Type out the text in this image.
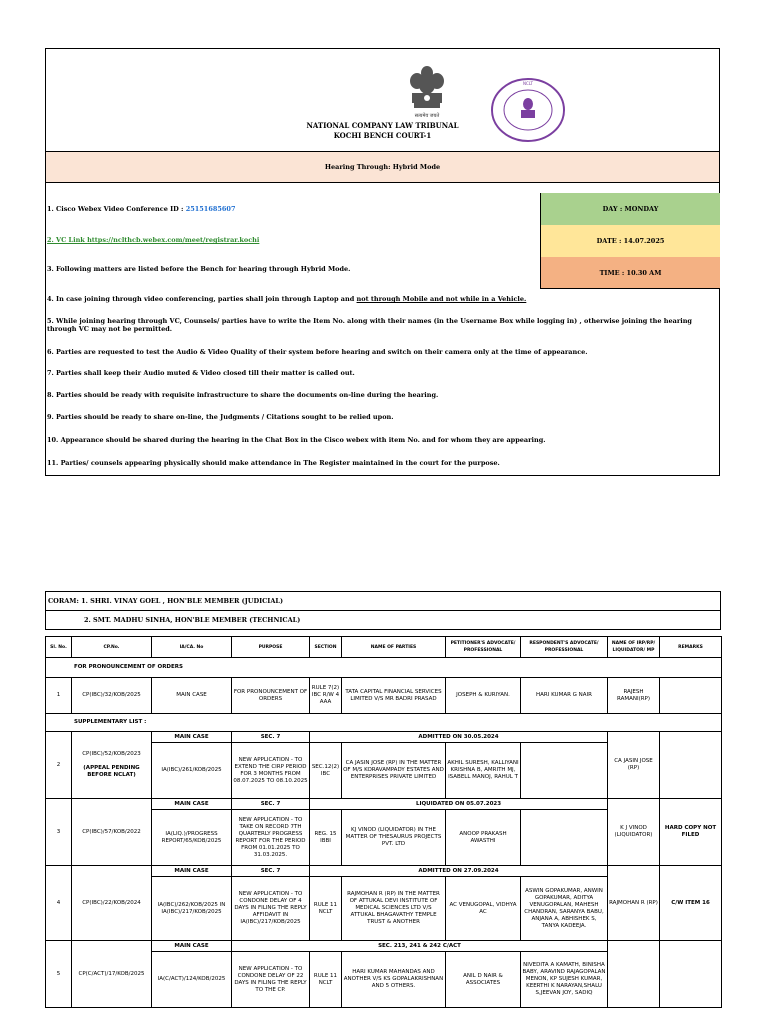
सत्यमेव जयते
NCLT
NATIONAL COMPANY LAW TRIBUNAL
KOCHI BENCH COURT-1
Hearing Through: Hybrid Mode
1. Cisco Webex Video Conference ID : 25151685607
2. VC Link https://nclthcb.webex.com/meet/registrar.kochi
3. Following matters are listed before the Bench for hearing through Hybrid Mode.
DAY : MONDAY
DATE : 14.07.2025
TIME : 10.30 AM
4. In case joining through video conferencing, parties shall join through Laptop and not through Mobile and not while in a Vehicle.
5. While joining hearing through VC, Counsels/ parties have to write the Item No. along with their names (in the Username Box while logging in) , otherwise joining the hearing through VC may not be permitted.
6. Parties are requested to test the Audio & Video Quality of their system before hearing and switch on their camera only at the time of appearance.
7. Parties shall keep their Audio muted & Video closed till their matter is called out.
8. Parties should be ready with requisite infrastructure to share the documents on-line during the hearing.
9. Parties should be ready to share on-line, the Judgments / Citations sought to be relied upon.
10. Appearance should be shared during the hearing in the Chat Box in the Cisco webex with item No. and for whom they are appearing.
11. Parties/ counsels appearing physically should make attendance in The Register maintained in the court for the purpose.
CORAM: 1. SHRI. VINAY GOEL , HON'BLE MEMBER (JUDICIAL)
2. SMT. MADHU SINHA, HON'BLE MEMBER (TECHNICAL)
Sl. No.	CP.No.	IA/CA. No	PURPOSE	SECTION	NAME OF PARTIES	PETITIONER'S ADVOCATE/ PROFESSIONAL	RESPONDENT'S ADVOCATE/ PROFESSIONAL	NAME OF IRP/RP/ LIQUIDATOR/ MP	REMARKS
FOR PRONOUNCEMENT OF ORDERS									
1	CP(IBC)/32/KOB/2025	MAIN CASE	FOR PRONOUNCEMENT OF ORDERS	RULE 7(2) IBC R/W 4 AAA	TATA CAPITAL FINANCIAL SERVICES LIMITED V/S MR BADRI PRASAD	JOSEPH & KURIYAN.	HARI KUMAR G NAIR	RAJESH RAMANI(RP)	
SUPPLEMENTARY LIST :									
2	CP(IBC)/52/KOB/2023

(APPEAL PENDING BEFORE NCLAT)	MAIN CASE	SEC. 7	ADMITTED ON 30.05.2024				CA JASIN JOSE (RP)	
		IA(IBC)/261/KOB/2025	NEW APPLICATION - TO EXTEND THE CIRP PERIOD FOR 3 MONTHS FROM 08.07.2025 TO 08.10.2025	SEC.12(2) IBC	CA JASIN JOSE (RP) IN THE MATTER OF M/S KORAVAMPADY ESTATES AND ENTERPRISES PRIVATE LIMITED	AKHIL SURESH, KALLIYANI KRISHNA B, AMRITH MJ, ISABELL MANOJ, RAHUL T			
3	CP(IBC)/57/KOB/2022	MAIN CASE	SEC. 7	LIQUIDATED ON 05.07.2023				K J VINOD (LIQUIDATOR)	HARD COPY NOT FILED
		IA(LIQ.)/PROGRESS REPORT/65/KOB/2025	NEW APPLICATION - TO TAKE ON RECORD 7TH QUARTERLY PROGRESS REPORT FOR THE PERIOD FROM 01.01.2025 TO 31.03.2025.	REG. 15 IBBI	KJ VINOD (LIQUIDATOR) IN THE MATTER OF THESAURUS PROJECTS PVT. LTD	ANOOP PRAKASH AWASTHI			
4	CP(IBC)/22/KOB/2024	MAIN CASE	SEC. 7	ADMITTED ON 27.09.2024				RAJMOHAN R (RP)	C/W ITEM 16
		IA(IBC)/262/KOB/2025 IN IA(IBC)/217/KOB/2025	NEW APPLICATION - TO CONDONE DELAY OF 4 DAYS IN FILING THE REPLY AFFIDAVIT IN IA(IBC)/217/KOB/2025	RULE 11 NCLT	RAJMOHAN R (RP) IN THE MATTER OF ATTUKAL DEVI INSTITUTE OF MEDICAL SCIENCES LTD V/S ATTUKAL BHAGAVATHY TEMPLE TRUST & ANOTHER	AC VENUGOPAL, VIDHYA AC	ASWIN GOPAKUMAR, ANWIN GOPAKUMAR, ADITYA VENUGOPALAN, MAHESH CHANDRAN, SARANYA BABU, ANJANA A, ABHISHEK S, TANYA KADEEJA.		
5	CP(C/ACT)/17/KOB/2025	MAIN CASE	SEC. 213, 241 & 242 C/ACT						
		IA(C/ACT)/124/KOB/2025	NEW APPLICATION - TO CONDONE DELAY OF 22 DAYS IN FILING THE REPLY TO THE CP.	RULE 11 NCLT	HARI KUMAR MAHANDAS AND ANOTHER V/S KS GOPALAKRISHNAN AND 5 OTHERS.	ANIL D NAIR & ASSOCIATES	NIVEDITA A KAMATH, BINISHA BABY, ARAVIND RAJAGOPALAN MENON, KP SUJESH KUMAR, KEERTHI K NARAYAN,SHALU S,JEEVAN JOY, SADIQ		
